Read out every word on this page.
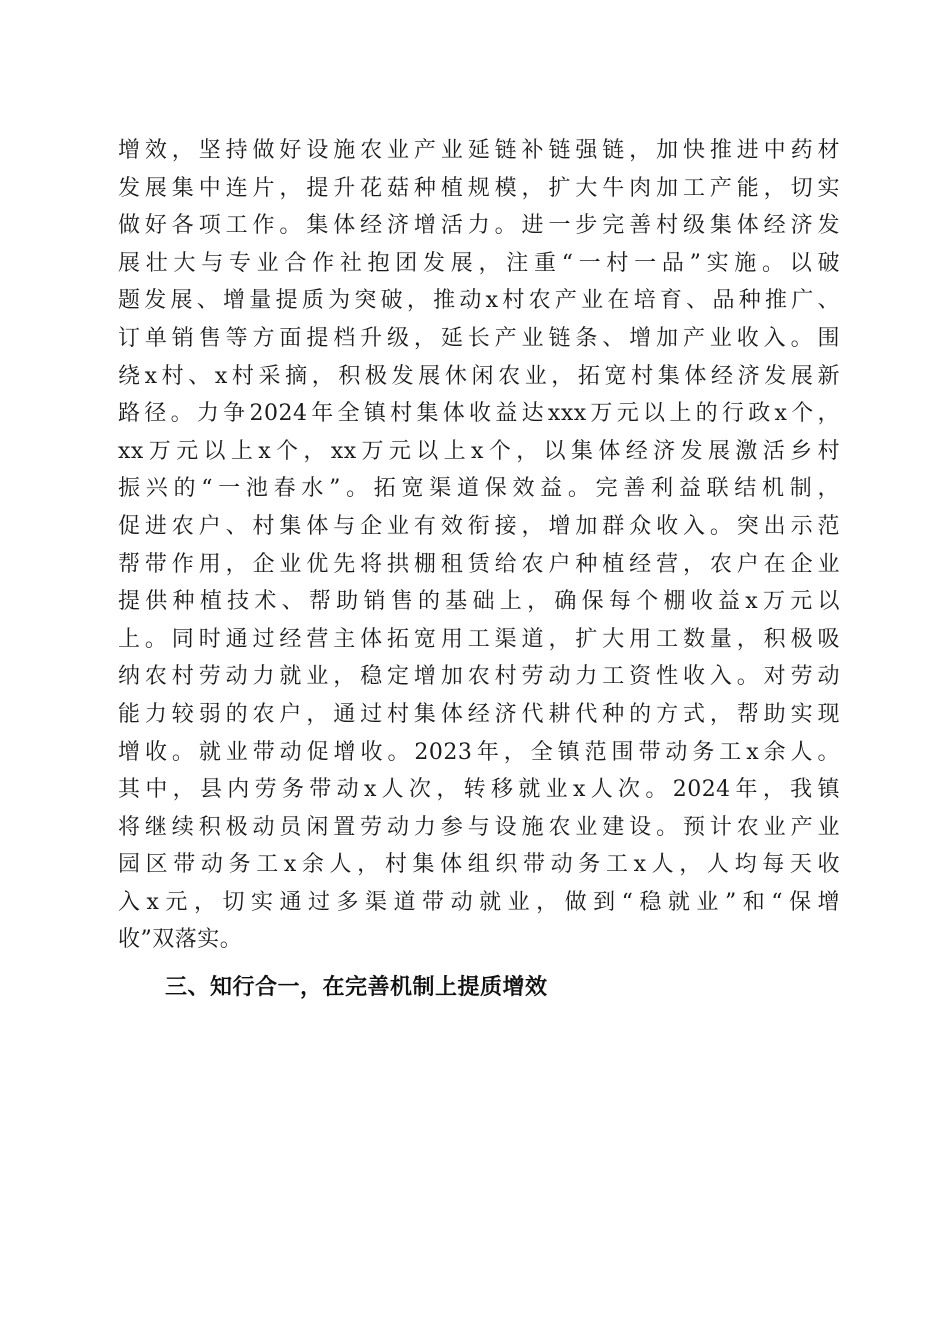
增效，坚持做好设施农业产业延链补链强链，加快推进中药材
发展集中连片，提升花菇种植规模，扩大牛肉加工产能，切实
做好各项工作。集体经济增活力。进一步完善村级集体经济发
展壮大与专业合作社抱团发展，注重“一村一品”实施。以破
题发展、增量提质为突破，推动x村农产业在培育、品种推广、
订单销售等方面提档升级，延长产业链条、增加产业收入。围
绕x村、x村采摘，积极发展休闲农业，拓宽村集体经济发展新
路径。力争2024年全镇村集体收益达xxx万元以上的行政x个，
xx万元以上x个，xx万元以上x个，以集体经济发展激活乡村
振兴的“一池春水”。拓宽渠道保效益。完善利益联结机制，
促进农户、村集体与企业有效衔接，增加群众收入。突出示范
帮带作用，企业优先将拱棚租赁给农户种植经营，农户在企业
提供种植技术、帮助销售的基础上，确保每个棚收益x万元以
上。同时通过经营主体拓宽用工渠道，扩大用工数量，积极吸
纳农村劳动力就业，稳定增加农村劳动力工资性收入。对劳动
能力较弱的农户，通过村集体经济代耕代种的方式，帮助实现
增收。就业带动促增收。2023年，全镇范围带动务工x余人。
其中，县内劳务带动x人次，转移就业x人次。2024年，我镇
将继续积极动员闲置劳动力参与设施农业建设。预计农业产业
园区带动务工x余人，村集体组织带动务工x人，人均每天收
入x元，切实通过多渠道带动就业，做到“稳就业”和“保增
收”双落实。
三、知行合一，在完善机制上提质增效
